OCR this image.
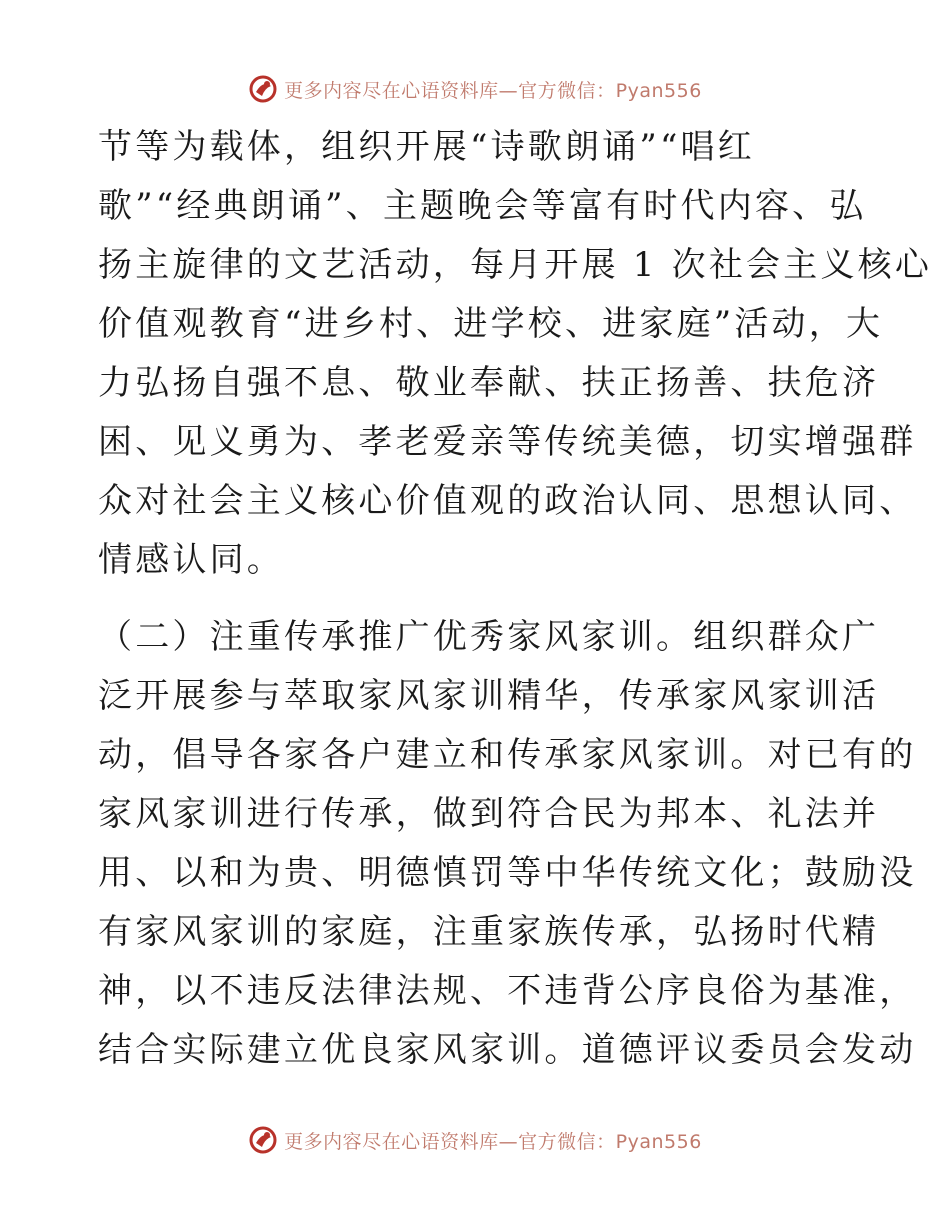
更多内容尽在心语资料库—官方微信：Pyan556
节等为载体，组织开展“诗歌朗诵”“唱红
歌”“经典朗诵”、主题晚会等富有时代内容、弘
扬主旋律的文艺活动，每月开展 1 次社会主义核心
价值观教育“进乡村、进学校、进家庭”活动，大
力弘扬自强不息、敬业奉献、扶正扬善、扶危济
困、见义勇为、孝老爱亲等传统美德，切实增强群
众对社会主义核心价值观的政治认同、思想认同、
情感认同。
（二）注重传承推广优秀家风家训。组织群众广
泛开展参与萃取家风家训精华，传承家风家训活
动，倡导各家各户建立和传承家风家训。对已有的
家风家训进行传承，做到符合民为邦本、礼法并
用、以和为贵、明德慎罚等中华传统文化；鼓励没
有家风家训的家庭，注重家族传承，弘扬时代精
神，以不违反法律法规、不违背公序良俗为基准，
结合实际建立优良家风家训。道德评议委员会发动
更多内容尽在心语资料库—官方微信：Pyan556
